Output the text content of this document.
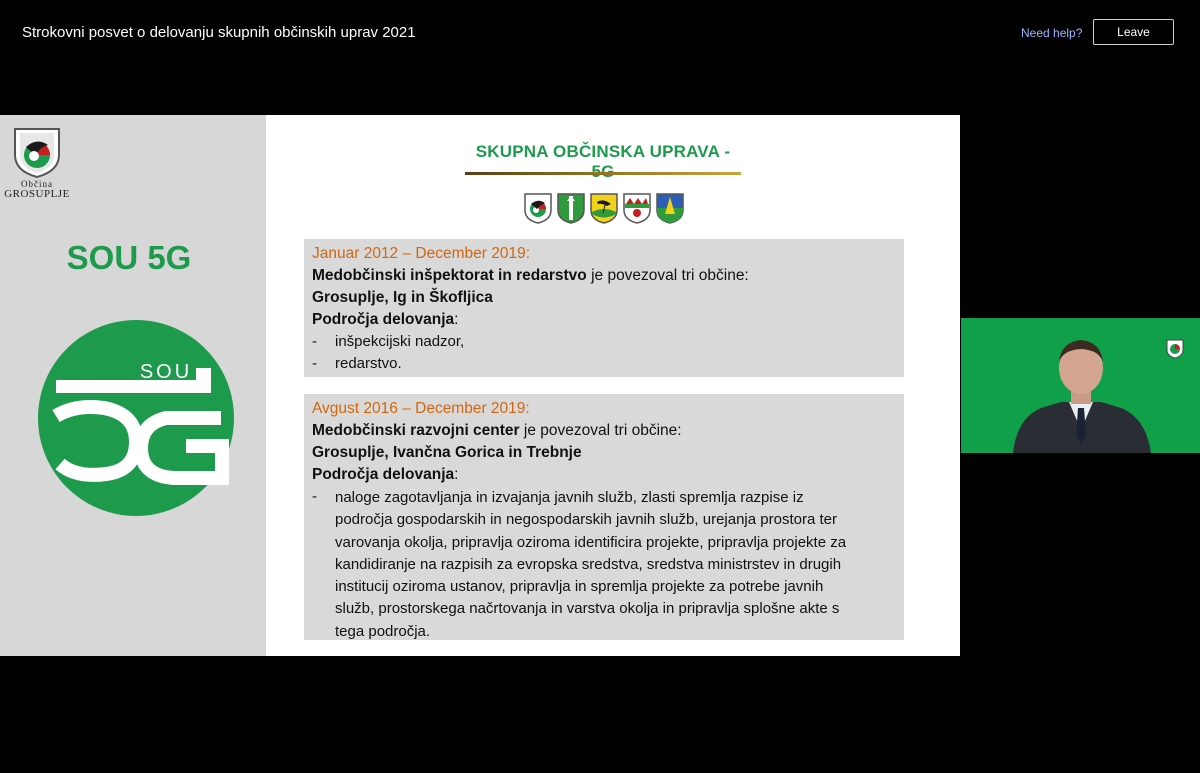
Strokovni posvet o delovanju skupnih občinskih uprav 2021	Need help?	Leave
Občina
GROSUPLJE
SOU 5G
SOU
SKUPNA OBČINSKA UPRAVA -
Januar 2012 – December 2019:
Medobčinski inšpektorat in redarstvo je povezoval tri občine:
Grosuplje, Ig in Škofljica
Področja delovanja:
- inšpekcijski nadzor,
- redarstvo.
Avgust 2016 – December 2019:
Medobčinski razvojni center je povezoval tri občine:
Grosuplje, Ivančna Gorica in Trebnje
Področja delovanja:
-	naloge zagotavljanja in izvajanja javnih služb, zlasti spremlja razpise iz
področja gospodarskih in negospodarskih javnih služb, urejanja prostora ter
varovanja okolja, pripravlja oziroma identificira projekte, pripravlja projekte za
kandidiranje na razpisih za evropska sredstva, sredstva ministrstev in drugih
institucij oziroma ustanov, pripravlja in spremlja projekte za potrebe javnih
služb, prostorskega načrtovanja in varstva okolja in pripravlja splošne akte s
tega področja.
